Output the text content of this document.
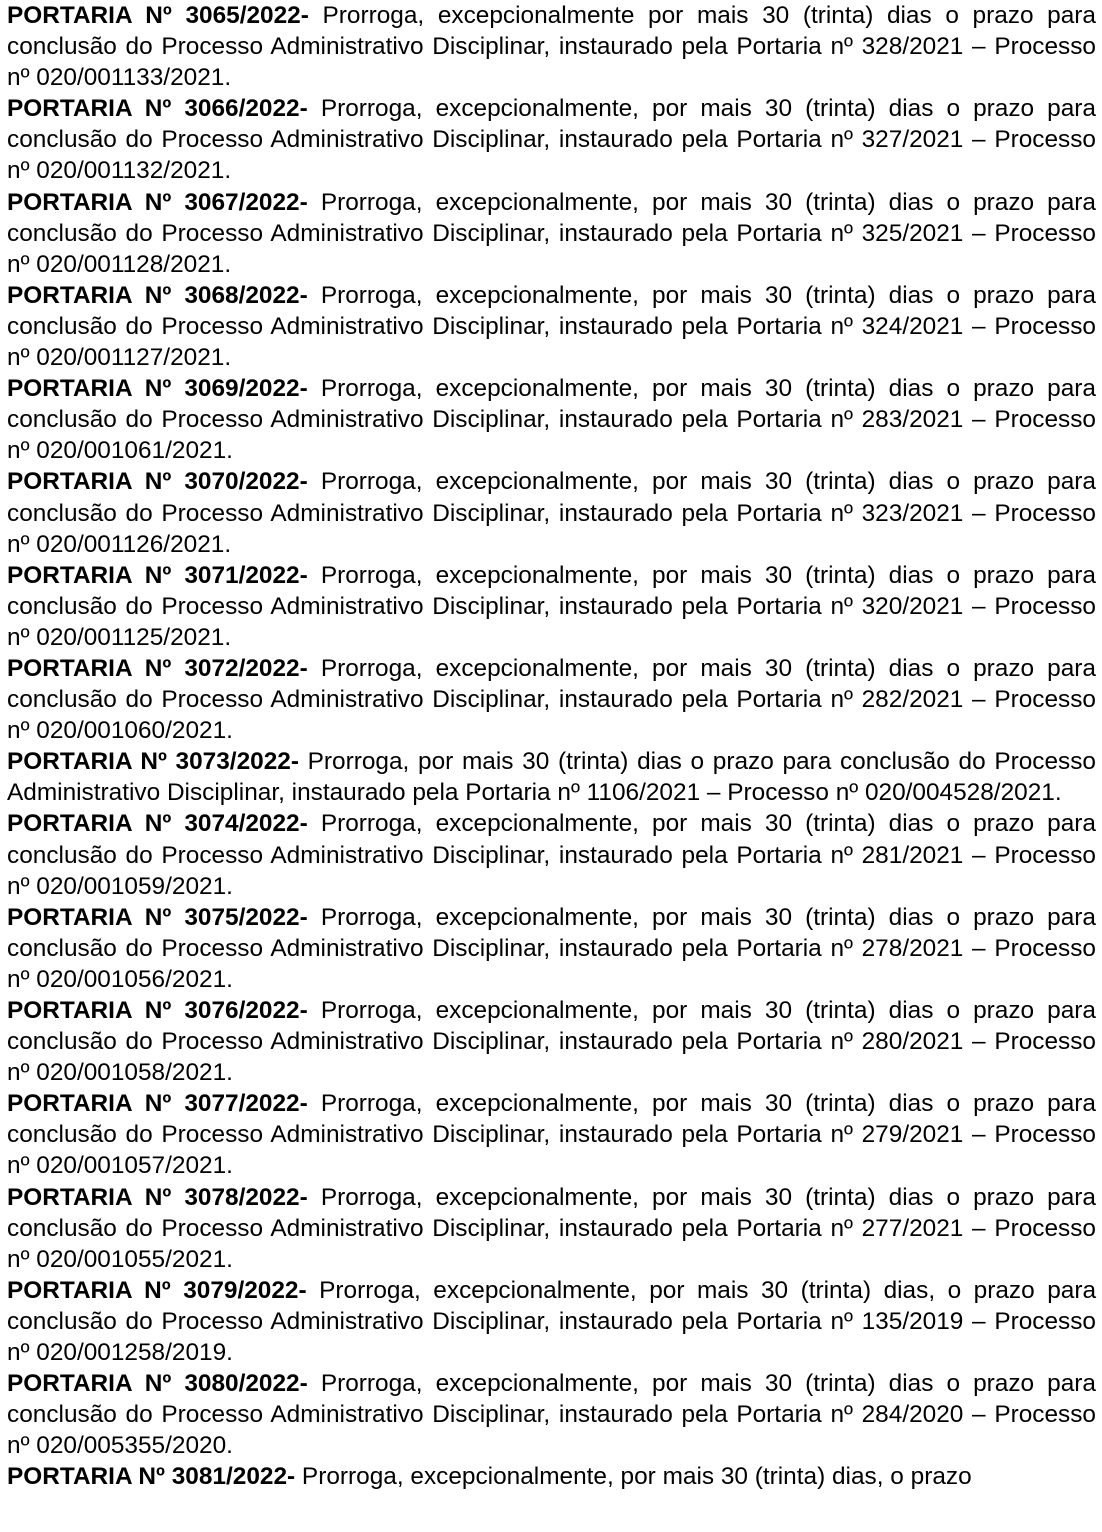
PORTARIA Nº 3065/2022- Prorroga, excepcionalmente por mais 30 (trinta) dias o prazo para conclusão do Processo Administrativo Disciplinar, instaurado pela Portaria nº 328/2021 – Processo nº 020/001133/2021.

PORTARIA Nº 3066/2022- Prorroga, excepcionalmente, por mais 30 (trinta) dias o prazo para conclusão do Processo Administrativo Disciplinar, instaurado pela Portaria nº 327/2021 – Processo nº 020/001132/2021.

PORTARIA Nº 3067/2022- Prorroga, excepcionalmente, por mais 30 (trinta) dias o prazo para conclusão do Processo Administrativo Disciplinar, instaurado pela Portaria nº 325/2021 – Processo nº 020/001128/2021.

PORTARIA Nº 3068/2022- Prorroga, excepcionalmente, por mais 30 (trinta) dias o prazo para conclusão do Processo Administrativo Disciplinar, instaurado pela Portaria nº 324/2021 – Processo nº 020/001127/2021.

PORTARIA Nº 3069/2022- Prorroga, excepcionalmente, por mais 30 (trinta) dias o prazo para conclusão do Processo Administrativo Disciplinar, instaurado pela Portaria nº 283/2021 – Processo nº 020/001061/2021.

PORTARIA Nº 3070/2022- Prorroga, excepcionalmente, por mais 30 (trinta) dias o prazo para conclusão do Processo Administrativo Disciplinar, instaurado pela Portaria nº 323/2021 – Processo nº 020/001126/2021.

PORTARIA Nº 3071/2022- Prorroga, excepcionalmente, por mais 30 (trinta) dias o prazo para conclusão do Processo Administrativo Disciplinar, instaurado pela Portaria nº 320/2021 – Processo nº 020/001125/2021.

PORTARIA Nº 3072/2022- Prorroga, excepcionalmente, por mais 30 (trinta) dias o prazo para conclusão do Processo Administrativo Disciplinar, instaurado pela Portaria nº 282/2021 – Processo nº 020/001060/2021.

PORTARIA Nº 3073/2022- Prorroga, por mais 30 (trinta) dias o prazo para conclusão do Processo Administrativo Disciplinar, instaurado pela Portaria nº 1106/2021 – Processo nº 020/004528/2021.

PORTARIA Nº 3074/2022- Prorroga, excepcionalmente, por mais 30 (trinta) dias o prazo para conclusão do Processo Administrativo Disciplinar, instaurado pela Portaria nº 281/2021 – Processo nº 020/001059/2021.

PORTARIA Nº 3075/2022- Prorroga, excepcionalmente, por mais 30 (trinta) dias o prazo para conclusão do Processo Administrativo Disciplinar, instaurado pela Portaria nº 278/2021 – Processo nº 020/001056/2021.

PORTARIA Nº 3076/2022- Prorroga, excepcionalmente, por mais 30 (trinta) dias o prazo para conclusão do Processo Administrativo Disciplinar, instaurado pela Portaria nº 280/2021 – Processo nº 020/001058/2021.

PORTARIA Nº 3077/2022- Prorroga, excepcionalmente, por mais 30 (trinta) dias o prazo para conclusão do Processo Administrativo Disciplinar, instaurado pela Portaria nº 279/2021 – Processo nº 020/001057/2021.

PORTARIA Nº 3078/2022- Prorroga, excepcionalmente, por mais 30 (trinta) dias o prazo para conclusão do Processo Administrativo Disciplinar, instaurado pela Portaria nº 277/2021 – Processo nº 020/001055/2021.

PORTARIA Nº 3079/2022- Prorroga, excepcionalmente, por mais 30 (trinta) dias, o prazo para conclusão do Processo Administrativo Disciplinar, instaurado pela Portaria nº 135/2019 – Processo nº 020/001258/2019.

PORTARIA Nº 3080/2022- Prorroga, excepcionalmente, por mais 30 (trinta) dias o prazo para conclusão do Processo Administrativo Disciplinar, instaurado pela Portaria nº 284/2020 – Processo nº 020/005355/2020.

PORTARIA Nº 3081/2022- Prorroga, excepcionalmente, por mais 30 (trinta) dias, o prazo
